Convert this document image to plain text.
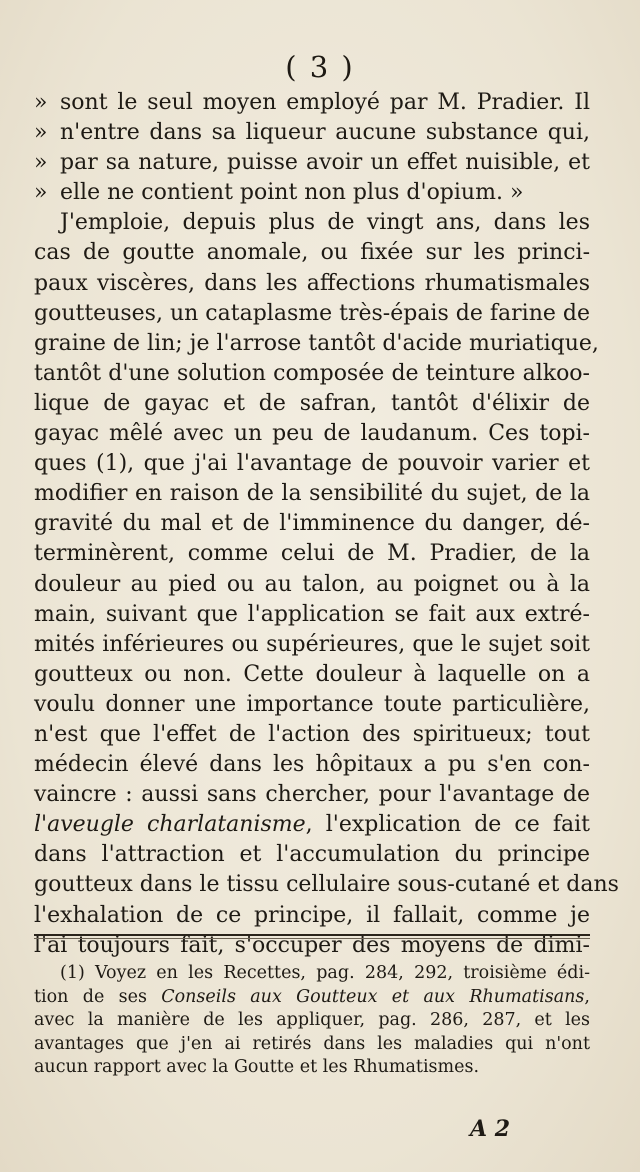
( 3 )
» sont le seul moyen employé par M. Pradier. Il
» n'entre dans sa liqueur aucune substance qui,
» par sa nature, puisse avoir un effet nuisible, et
» elle ne contient point non plus d'opium. »
J'emploie, depuis plus de vingt ans, dans les
cas de goutte anomale, ou fixée sur les princi-
paux viscères, dans les affections rhumatismales
goutteuses, un cataplasme très-épais de farine de
graine de lin; je l'arrose tantôt d'acide muriatique,
tantôt d'une solution composée de teinture alkoo-
lique de gayac et de safran, tantôt d'élixir de
gayac mêlé avec un peu de laudanum. Ces topi-
ques (1), que j'ai l'avantage de pouvoir varier et
modifier en raison de la sensibilité du sujet, de la
gravité du mal et de l'imminence du danger, dé-
terminèrent, comme celui de M. Pradier, de la
douleur au pied ou au talon, au poignet ou à la
main, suivant que l'application se fait aux extré-
mités inférieures ou supérieures, que le sujet soit
goutteux ou non. Cette douleur à laquelle on a
voulu donner une importance toute particulière,
n'est que l'effet de l'action des spiritueux; tout
médecin élevé dans les hôpitaux a pu s'en con-
vaincre : aussi sans chercher, pour l'avantage de
l'aveugle charlatanisme, l'explication de ce fait
dans l'attraction et l'accumulation du principe
goutteux dans le tissu cellulaire sous-cutané et dans
l'exhalation de ce principe, il fallait, comme je
l'ai toujours fait, s'occuper des moyens de dimi-
(1) Voyez en les Recettes, pag. 284, 292, troisième édi-
tion de ses Conseils aux Goutteux et aux Rhumatisans,
avec la manière de les appliquer, pag. 286, 287, et les
avantages que j'en ai retirés dans les maladies qui n'ont
aucun rapport avec la Goutte et les Rhumatismes.
A 2
